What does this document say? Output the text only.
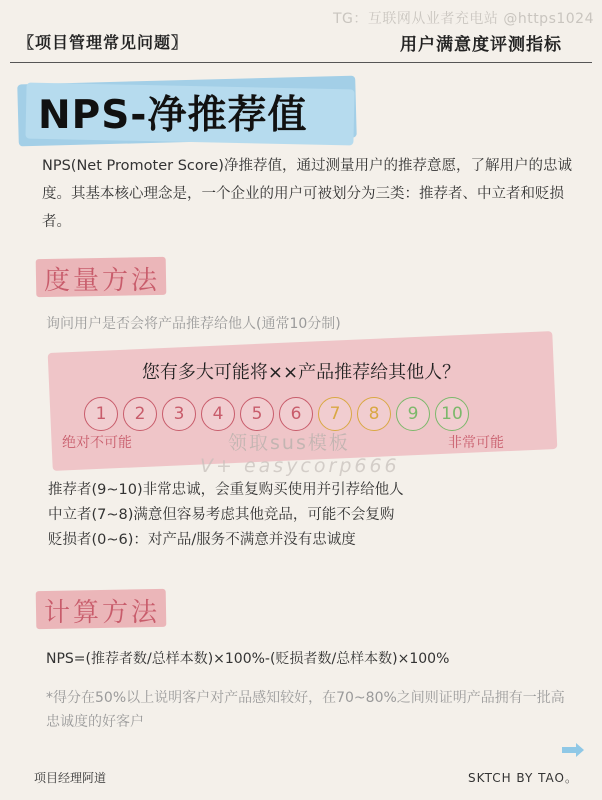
TG：互联网从业者充电站 @https1024
〖项目管理常见问题〗	用户满意度评测指标
NPS-净推荐值
NPS(Net Promoter Score)净推荐值，通过测量用户的推荐意愿，了解用户的忠诚度。其基本核心理念是，一个企业的用户可被划分为三类：推荐者、中立者和贬损者。
度量方法
询问用户是否会将产品推荐给他人(通常10分制)
您有多大可能将××产品推荐给其他人？
1	2	3	4	5	6	7	8	9	10
绝对不可能	非常可能
领取sus模板
V+ easycorp666
推荐者(9~10)非常忠诚，会重复购买使用并引荐给他人
中立者(7~8)满意但容易考虑其他竞品，可能不会复购
贬损者(0~6)：对产品/服务不满意并没有忠诚度
计算方法
NPS=(推荐者数/总样本数)×100%-(贬损者数/总样本数)×100%
*得分在50%以上说明客户对产品感知较好，在70~80%之间则证明产品拥有一批高忠诚度的好客户
项目经理阿道	SKTCH BY TAO。
